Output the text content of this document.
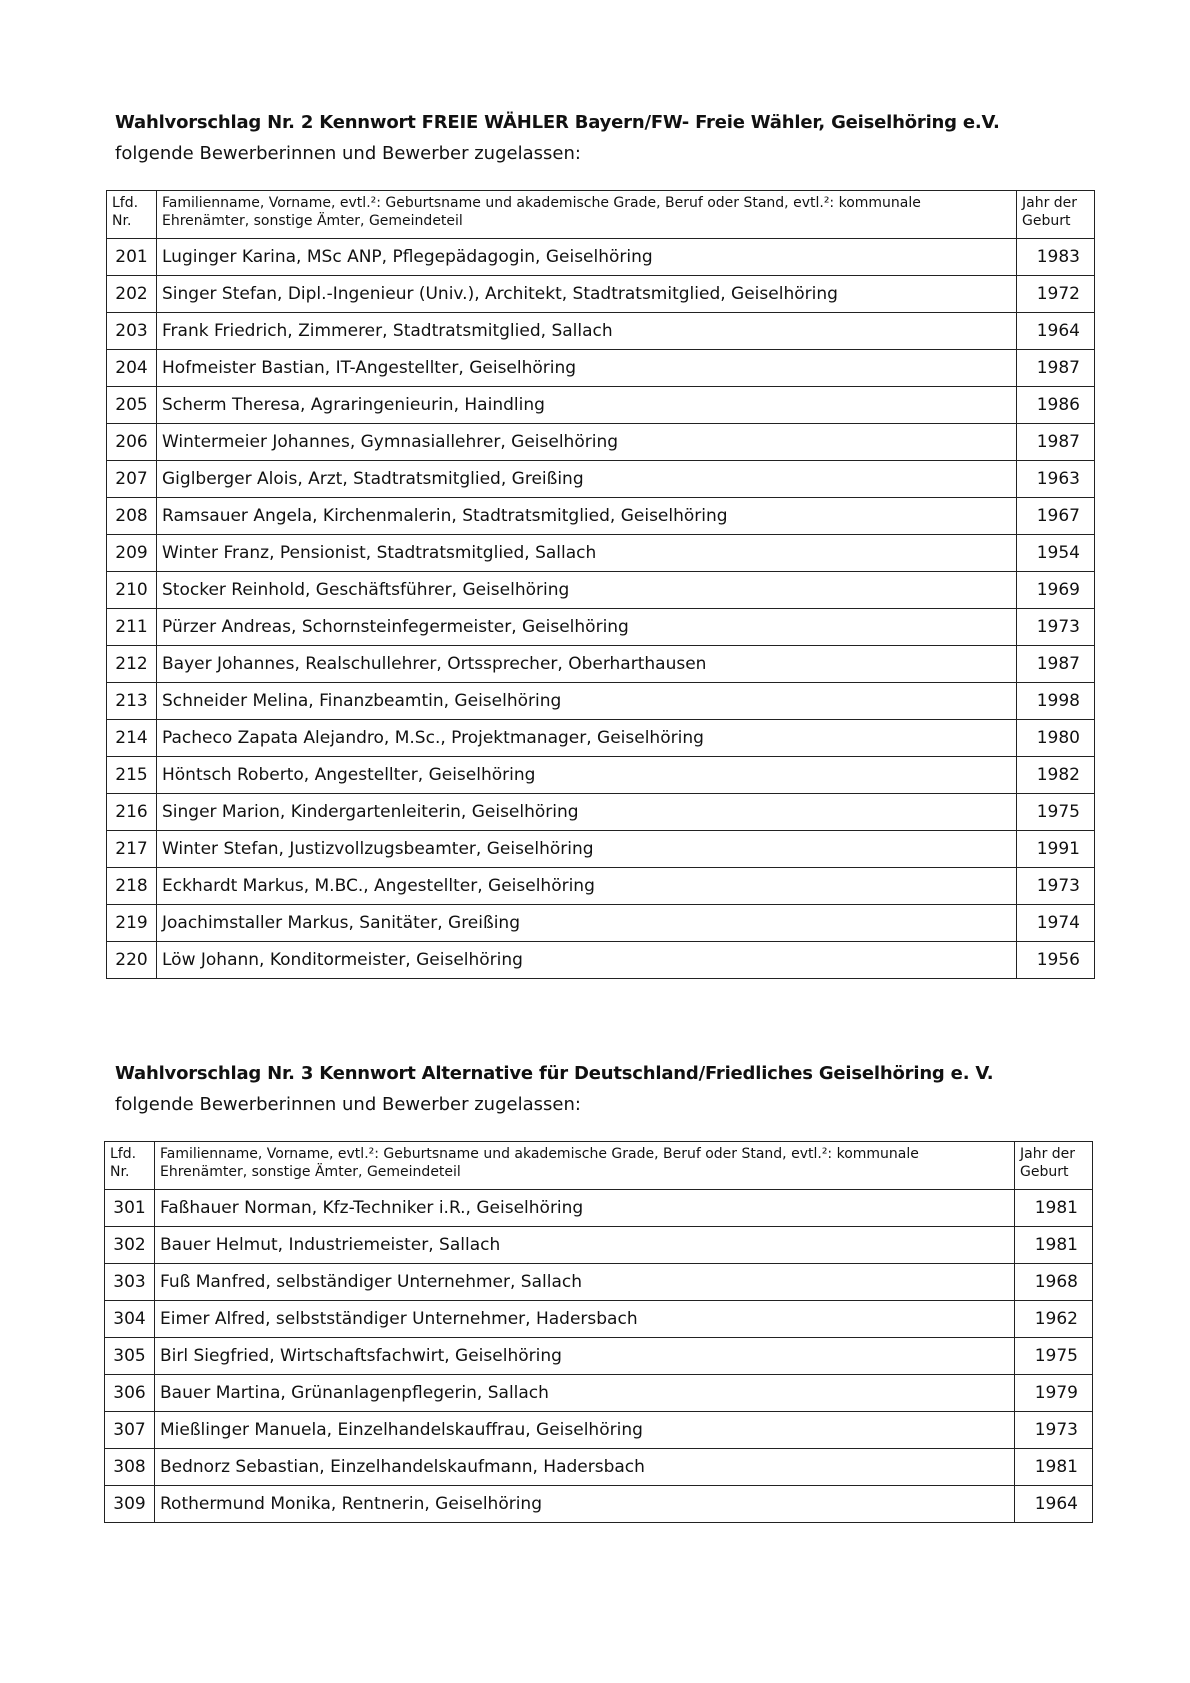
Wahlvorschlag Nr. 2 Kennwort FREIE WÄHLER Bayern/FW- Freie Wähler, Geiselhöring e.V.

folgende Bewerberinnen und Bewerber zugelassen:

Lfd. Nr.	Familienname, Vorname, evtl.²: Geburtsname und akademische Grade, Beruf oder Stand, evtl.²: kommunale Ehrenämter, sonstige Ämter, Gemeindeteil	Jahr der Geburt
201	Luginger Karina, MSc ANP, Pflegepädagogin, Geiselhöring	1983
202	Singer Stefan, Dipl.-Ingenieur (Univ.), Architekt, Stadtratsmitglied, Geiselhöring	1972
203	Frank Friedrich, Zimmerer, Stadtratsmitglied, Sallach	1964
204	Hofmeister Bastian, IT-Angestellter, Geiselhöring	1987
205	Scherm Theresa, Agraringenieurin, Haindling	1986
206	Wintermeier Johannes, Gymnasiallehrer, Geiselhöring	1987
207	Giglberger Alois, Arzt, Stadtratsmitglied, Greißing	1963
208	Ramsauer Angela, Kirchenmalerin, Stadtratsmitglied, Geiselhöring	1967
209	Winter Franz, Pensionist, Stadtratsmitglied, Sallach	1954
210	Stocker Reinhold, Geschäftsführer, Geiselhöring	1969
211	Pürzer Andreas, Schornsteinfegermeister, Geiselhöring	1973
212	Bayer Johannes, Realschullehrer, Ortssprecher, Oberharthausen	1987
213	Schneider Melina, Finanzbeamtin, Geiselhöring	1998
214	Pacheco Zapata Alejandro, M.Sc., Projektmanager, Geiselhöring	1980
215	Höntsch Roberto, Angestellter, Geiselhöring	1982
216	Singer Marion, Kindergartenleiterin, Geiselhöring	1975
217	Winter Stefan, Justizvollzugsbeamter, Geiselhöring	1991
218	Eckhardt Markus, M.BC., Angestellter, Geiselhöring	1973
219	Joachimstaller Markus, Sanitäter, Greißing	1974
220	Löw Johann, Konditormeister, Geiselhöring	1956
Wahlvorschlag Nr. 3 Kennwort Alternative für Deutschland/Friedliches Geiselhöring e. V.

folgende Bewerberinnen und Bewerber zugelassen:

Lfd. Nr.	Familienname, Vorname, evtl.²: Geburtsname und akademische Grade, Beruf oder Stand, evtl.²: kommunale Ehrenämter, sonstige Ämter, Gemeindeteil	Jahr der Geburt
301	Faßhauer Norman, Kfz-Techniker i.R., Geiselhöring	1981
302	Bauer Helmut, Industriemeister, Sallach	1981
303	Fuß Manfred, selbständiger Unternehmer, Sallach	1968
304	Eimer Alfred, selbstständiger Unternehmer, Hadersbach	1962
305	Birl Siegfried, Wirtschaftsfachwirt, Geiselhöring	1975
306	Bauer Martina, Grünanlagenpflegerin, Sallach	1979
307	Mießlinger Manuela, Einzelhandelskauffrau, Geiselhöring	1973
308	Bednorz Sebastian, Einzelhandelskaufmann, Hadersbach	1981
309	Rothermund Monika, Rentnerin, Geiselhöring	1964
